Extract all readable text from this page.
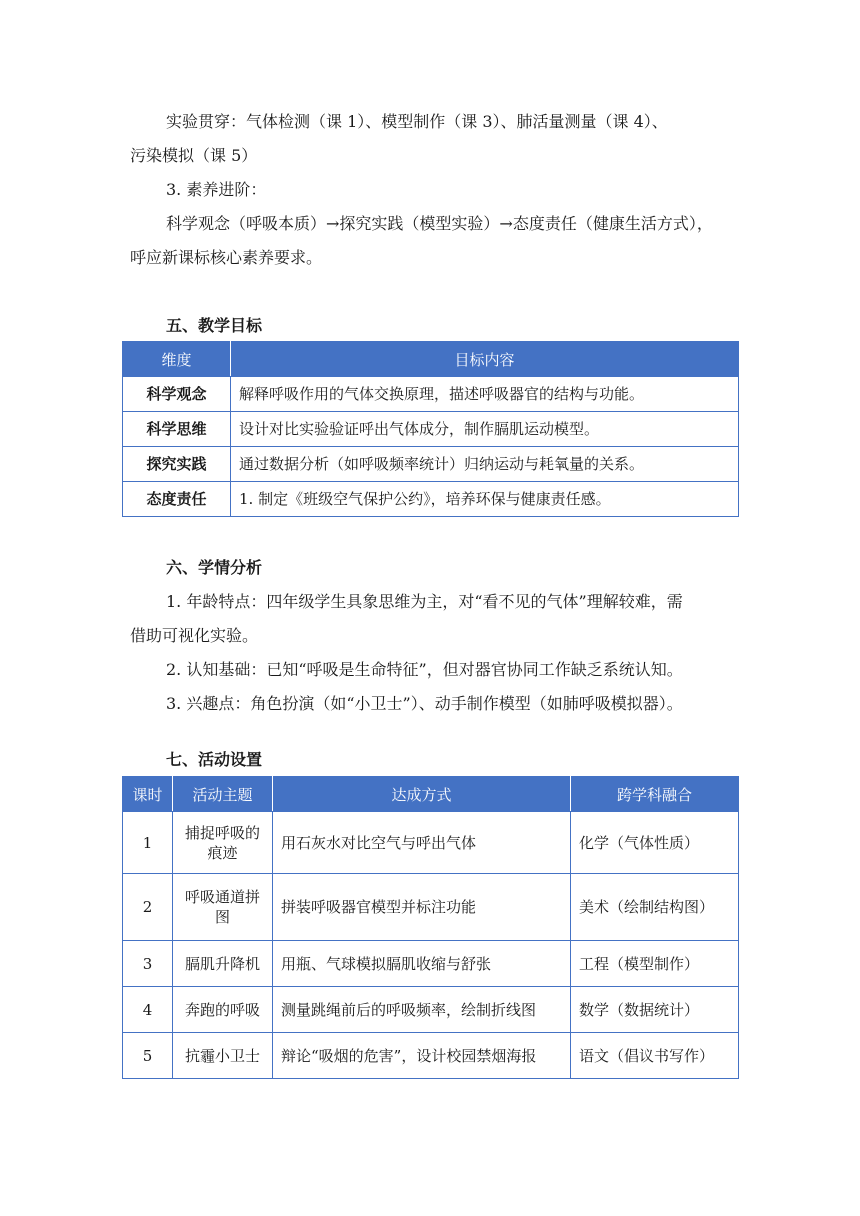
实验贯穿：气体检测（课 1）、模型制作（课 3）、肺活量测量（课 4）、
污染模拟（课 5）
3. 素养进阶：
科学观念（呼吸本质）→探究实践（模型实验）→态度责任（健康生活方式），
呼应新课标核心素养要求。
五、教学目标
维度	目标内容
科学观念	解释呼吸作用的气体交换原理，描述呼吸器官的结构与功能。
科学思维	设计对比实验验证呼出气体成分，制作膈肌运动模型。
探究实践	通过数据分析（如呼吸频率统计）归纳运动与耗氧量的关系。
态度责任	1. 制定《班级空气保护公约》，培养环保与健康责任感。
六、学情分析
1. 年龄特点：四年级学生具象思维为主，对“看不见的气体”理解较难，需
借助可视化实验。
2. 认知基础：已知“呼吸是生命特征”，但对器官协同工作缺乏系统认知。
3. 兴趣点：角色扮演（如“小卫士”）、动手制作模型（如肺呼吸模拟器）。
七、活动设置
课时	活动主题	达成方式	跨学科融合
1	捕捉呼吸的痕迹	用石灰水对比空气与呼出气体	化学（气体性质）
2	呼吸通道拼图	拼装呼吸器官模型并标注功能	美术（绘制结构图）
3	膈肌升降机	用瓶、气球模拟膈肌收缩与舒张	工程（模型制作）
4	奔跑的呼吸	测量跳绳前后的呼吸频率，绘制折线图	数学（数据统计）
5	抗霾小卫士	辩论“吸烟的危害”，设计校园禁烟海报	语文（倡议书写作）
